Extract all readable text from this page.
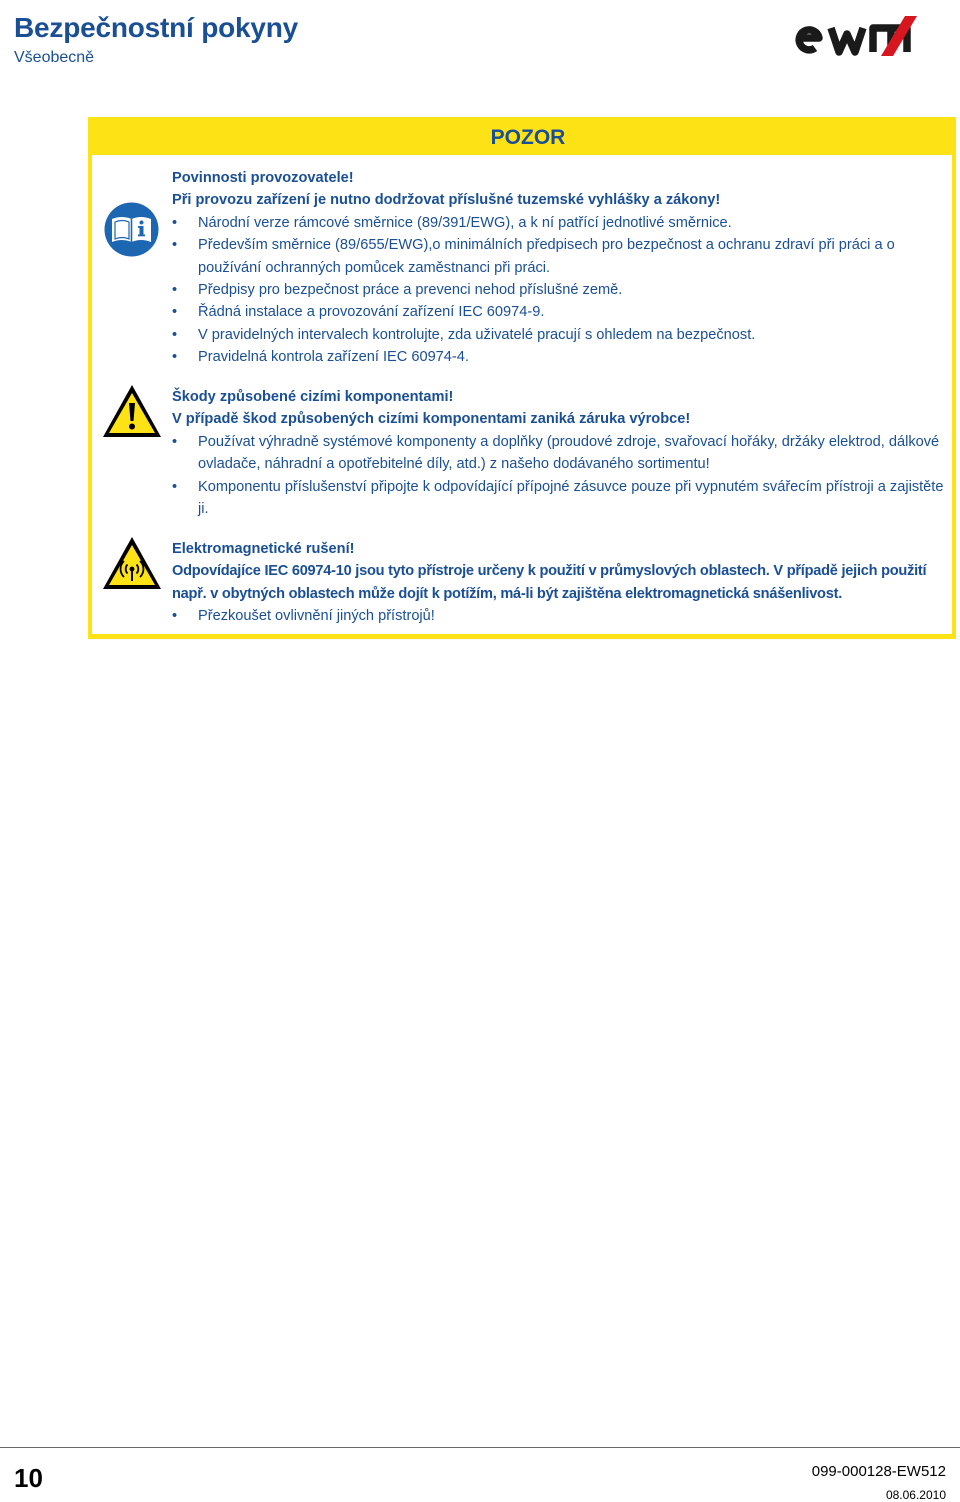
Bezpečnostní pokyny
Všeobecně
POZOR
Povinnosti provozovatele!
Při provozu zařízení je nutno dodržovat příslušné tuzemské vyhlášky a zákony!
• Národní verze rámcové směrnice (89/391/EWG), a k ní patřící jednotlivé směrnice.
• Především směrnice (89/655/EWG),o minimálních předpisech pro bezpečnost a ochranu zdraví při práci a o používání ochranných pomůcek zaměstnanci při práci.
• Předpisy pro bezpečnost práce a prevenci nehod příslušné země.
• Řádná instalace a provozování zařízení IEC 60974-9.
• V pravidelných intervalech kontrolujte, zda uživatelé pracují s ohledem na bezpečnost.
• Pravidelná kontrola zařízení IEC 60974-4.
Škody způsobené cizími komponentami!
V případě škod způsobených cizími komponentami zaniká záruka výrobce!
• Používat výhradně systémové komponenty a doplňky (proudové zdroje, svařovací hořáky, držáky elektrod, dálkové ovladače, náhradní a opotřebitelné díly, atd.) z našeho dodávaného sortimentu!
• Komponentu příslušenství připojte k odpovídající přípojné zásuvce pouze při vypnutém svářecím přístroji a zajistěte ji.
Elektromagnetické rušení!
Odpovídajíce IEC 60974-10 jsou tyto přístroje určeny k použití v průmyslových oblastech. V případě jejich použití např. v obytných oblastech může dojít k potížím, má-li být zajištěna elektromagnetická snášenlivost.
• Přezkoušet ovlivnění jiných přístrojů!
10	099-000128-EW512
08.06.2010
